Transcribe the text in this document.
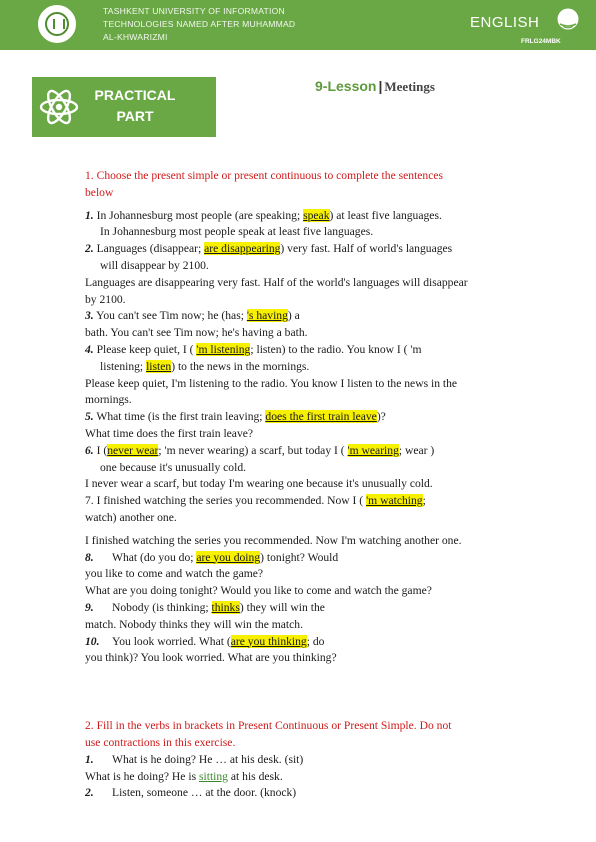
TASHKENT UNIVERSITY OF INFORMATION
TECHNOLOGIES NAMED AFTER MUHAMMAD
AL-KHWARIZMI
ENGLISH
FRLG24MBK
PRACTICAL
PART
9-Lesson | Meetings
1. Choose the present simple or present continuous to complete the sentences
below
1. In Johannesburg most people (are speaking; speak) at least five languages.
In Johannesburg most people speak at least five languages.
2. Languages (disappear; are disappearing) very fast. Half of world's languages
will disappear by 2100.
Languages are disappearing very fast. Half of the world's languages will disappear
by 2100.
3. You can't see Tim now; he (has; 's having) a
bath. You can't see Tim now; he's having a bath.
4. Please keep quiet, I ( 'm listening; listen) to the radio. You know I ( 'm
listening; listen) to the news in the mornings.
Please keep quiet, I'm listening to the radio. You know I listen to the news in the
mornings.
5. What time (is the first train leaving; does the first train leave)?
What time does the first train leave?
6. I (never wear; 'm never wearing) a scarf, but today I ( 'm wearing; wear )
one because it's unusually cold.
I never wear a scarf, but today I'm wearing one because it's unusually cold.
7. I finished watching the series you recommended. Now I ( 'm watching;
watch) another one.
I finished watching the series you recommended. Now I'm watching another one.
8. What (do you do; are you doing) tonight? Would
you like to come and watch the game?
What are you doing tonight? Would you like to come and watch the game?
9. Nobody (is thinking; thinks) they will win the
match. Nobody thinks they will win the match.
10. You look worried. What (are you thinking; do
you think)? You look worried. What are you thinking?
2. Fill in the verbs in brackets in Present Continuous or Present Simple. Do not
use contractions in this exercise.
1. What is he doing? He … at his desk. (sit)
What is he doing? He is sitting at his desk.
2. Listen, someone … at the door. (knock)
